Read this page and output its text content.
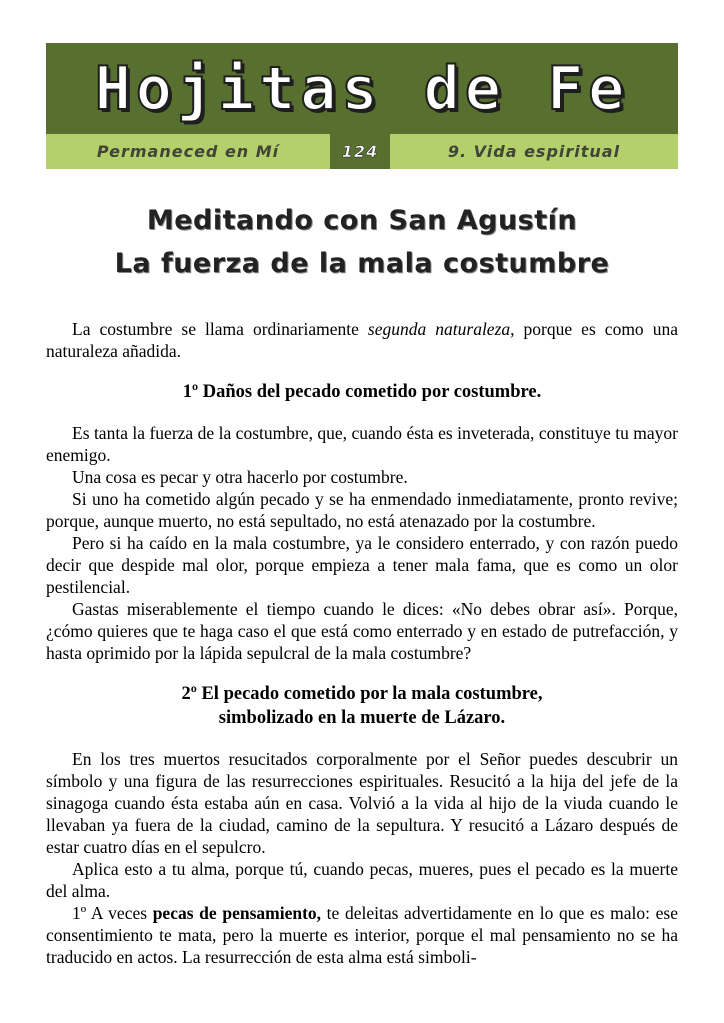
Hojitas de Fe
Permaneced en Mí	124	9. Vida espiritual
Meditando con San Agustín
La fuerza de la mala costumbre

La costumbre se llama ordinariamente segunda naturaleza, porque es como una naturaleza añadida.

1º Daños del pecado cometido por costumbre.

Es tanta la fuerza de la costumbre, que, cuando ésta es inveterada, constituye tu mayor enemigo.

Una cosa es pecar y otra hacerlo por costumbre.

Si uno ha cometido algún pecado y se ha enmendado inmediatamente, pronto revive; porque, aunque muerto, no está sepultado, no está atenazado por la costumbre.

Pero si ha caído en la mala costumbre, ya le considero enterrado, y con razón puedo decir que despide mal olor, porque empieza a tener mala fama, que es como un olor pestilencial.

Gastas miserablemente el tiempo cuando le dices: «No debes obrar así». Porque, ¿cómo quieres que te haga caso el que está como enterrado y en estado de putrefacción, y hasta oprimido por la lápida sepulcral de la mala costumbre?

2º El pecado cometido por la mala costumbre,
simbolizado en la muerte de Lázaro.

En los tres muertos resucitados corporalmente por el Señor puedes descubrir un símbolo y una figura de las resurrecciones espirituales. Resucitó a la hija del jefe de la sinagoga cuando ésta estaba aún en casa. Volvió a la vida al hijo de la viuda cuando le llevaban ya fuera de la ciudad, camino de la sepultura. Y resucitó a Lázaro después de estar cuatro días en el sepulcro.

Aplica esto a tu alma, porque tú, cuando pecas, mueres, pues el pecado es la muerte del alma.

1º A veces pecas de pensamiento, te deleitas advertidamente en lo que es malo: ese consentimiento te mata, pero la muerte es interior, porque el mal pensamiento no se ha traducido en actos. La resurrección de esta alma está simboli-
